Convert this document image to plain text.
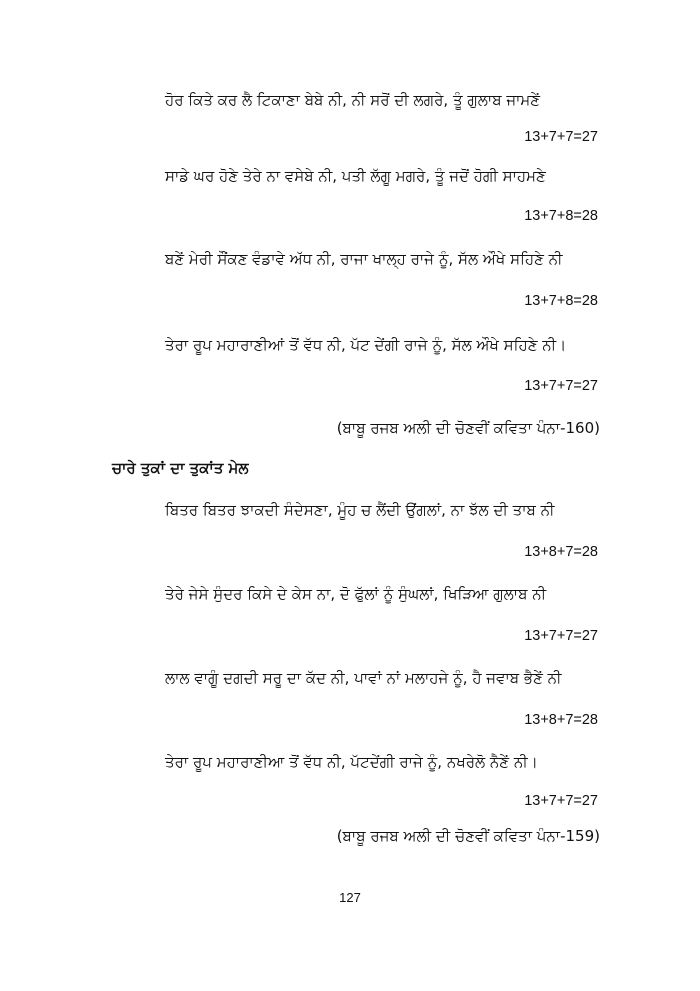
ਹੋਰ ਕਿਤੇ ਕਰ ਲੈ ਟਿਕਾਣਾ ਬੇਬੇ ਨੀ, ਨੀ ਸਰੋਂ ਦੀ ਲਗਰੇ, ਤੂੰ ਗੁਲਾਬ ਜਾਮਣੇਂ
13+7+7=27
ਸਾਡੇ ਘਰ ਹੋਣੇ ਤੇਰੇ ਨਾ ਵਸੇਬੇ ਨੀ, ਪਤੀ ਲੱਗੂ ਮਗਰੇ, ਤੂੰ ਜਦੋਂ ਹੋਗੀ ਸਾਹਮਣੇ
13+7+8=28
ਬਣੇਂ ਮੇਰੀ ਸੌਂਕਣ ਵੰਡਾਵੇ ਅੱਧ ਨੀ, ਰਾਜਾ ਖਾਲ੍ਹ ਰਾਜੇ ਨੂੰ, ਸੱਲ ਔਖੇ ਸਹਿਣੇ ਨੀ
13+7+8=28
ਤੇਰਾ ਰੂਪ ਮਹਾਰਾਣੀਆਂ ਤੋਂ ਵੱਧ ਨੀ, ਪੱਟ ਦੇਂਗੀ ਰਾਜੇ ਨੂੰ, ਸੱਲ ਔਖੇ ਸਹਿਣੇ ਨੀ।
13+7+7=27
(ਬਾਬੂ ਰਜਬ ਅਲੀ ਦੀ ਚੋਣਵੀਂ ਕਵਿਤਾ ਪੰਨਾ-160)
ਚਾਰੇ ਤੁਕਾਂ ਦਾ ਤੁਕਾਂਤ ਮੇਲ
ਬਿਤਰ ਬਿਤਰ ਝਾਕਦੀ ਸੰਦੇਸਣਾ, ਮੂੰਹ ਚ ਲੈਂਦੀ ਉਂਗਲਾਂ, ਨਾ ਝੱਲ ਦੀ ਤਾਬ ਨੀ
13+8+7=28
ਤੇਰੇ ਜੇਸੇ ਸੁੰਦਰ ਕਿਸੇ ਦੇ ਕੇਸ ਨਾ, ਦੋ ਫੁੱਲਾਂ ਨੂੰ ਸੁੰਘਲਾਂ, ਖਿੜਿਆ ਗੁਲਾਬ ਨੀ
13+7+7=27
ਲਾਲ ਵਾਗੂੰ ਦਗਦੀ ਸਰੂ ਦਾ ਕੱਦ ਨੀ, ਪਾਵਾਂ ਨਾਂ ਮਲਾਹਜੇ ਨੂੰ, ਹੈ ਜਵਾਬ ਭੈਣੇਂ ਨੀ
13+8+7=28
ਤੇਰਾ ਰੂਪ ਮਹਾਰਾਣੀਆ ਤੋਂ ਵੱਧ ਨੀ, ਪੱਟਦੇਂਗੀ ਰਾਜੇ ਨੂੰ, ਨਖਰੇਲੋ ਨੈਣੇਂ ਨੀ।
13+7+7=27
(ਬਾਬੂ ਰਜਬ ਅਲੀ ਦੀ ਚੋਣਵੀਂ ਕਵਿਤਾ ਪੰਨਾ-159)
127
